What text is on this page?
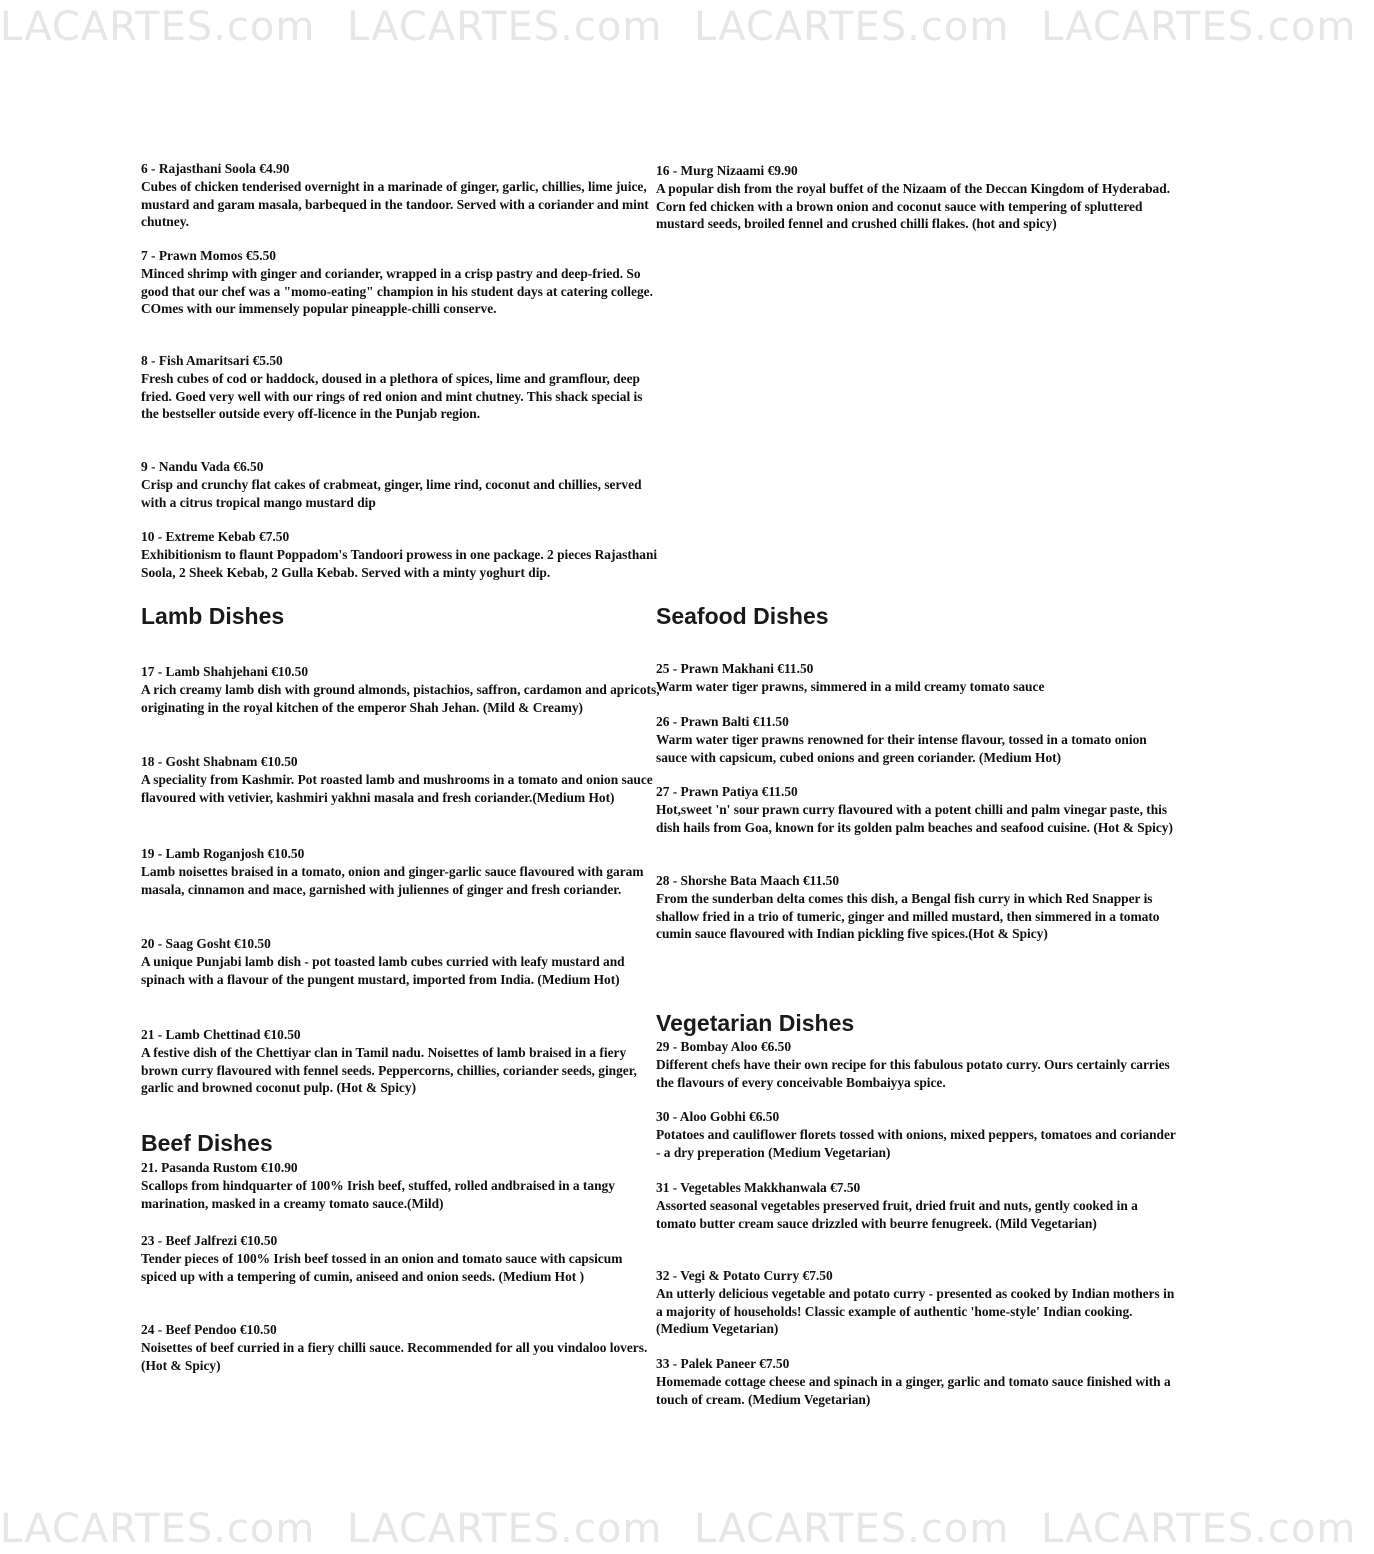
LACARTES.com LACARTES.com LACARTES.com LACARTES.com
6 - Rajasthani Soola €4.90
Cubes of chicken tenderised overnight in a marinade of ginger, garlic, chillies, lime juice, mustard and garam masala, barbequed in the tandoor. Served with a coriander and mint chutney.
7 - Prawn Momos €5.50
Minced shrimp with ginger and coriander, wrapped in a crisp pastry and deep-fried. So good that our chef was a "momo-eating" champion in his student days at catering college. COmes with our immensely popular pineapple-chilli conserve.
8 - Fish Amaritsari €5.50
Fresh cubes of cod or haddock, doused in a plethora of spices, lime and gramflour, deep fried. Goed very well with our rings of red onion and mint chutney. This shack special is the bestseller outside every off-licence in the Punjab region.
9 - Nandu Vada €6.50
Crisp and crunchy flat cakes of crabmeat, ginger, lime rind, coconut and chillies, served with a citrus tropical mango mustard dip
10 - Extreme Kebab €7.50
Exhibitionism to flaunt Poppadom's Tandoori prowess in one package. 2 pieces Rajasthani Soola, 2 Sheek Kebab, 2 Gulla Kebab. Served with a minty yoghurt dip.
Lamb Dishes
17 - Lamb Shahjehani €10.50
A rich creamy lamb dish with ground almonds, pistachios, saffron, cardamon and apricots, originating in the royal kitchen of the emperor Shah Jehan. (Mild & Creamy)
18 - Gosht Shabnam €10.50
A speciality from Kashmir. Pot roasted lamb and mushrooms in a tomato and onion sauce flavoured with vetivier, kashmiri yakhni masala and fresh coriander.(Medium Hot)
19 - Lamb Roganjosh €10.50
Lamb noisettes braised in a tomato, onion and ginger-garlic sauce flavoured with garam masala, cinnamon and mace, garnished with juliennes of ginger and fresh coriander.
20 - Saag Gosht €10.50
A unique Punjabi lamb dish - pot toasted lamb cubes curried with leafy mustard and spinach with a flavour of the pungent mustard, imported from India. (Medium Hot)
21 - Lamb Chettinad €10.50
A festive dish of the Chettiyar clan in Tamil nadu. Noisettes of lamb braised in a fiery brown curry flavoured with fennel seeds. Peppercorns, chillies, coriander seeds, ginger, garlic and browned coconut pulp. (Hot & Spicy)
Beef Dishes
21. Pasanda Rustom €10.90
Scallops from hindquarter of 100% Irish beef, stuffed, rolled andbraised in a tangy marination, masked in a creamy tomato sauce.(Mild)
23 - Beef Jalfrezi €10.50
Tender pieces of 100% Irish beef tossed in an onion and tomato sauce with capsicum spiced up with a tempering of cumin, aniseed and onion seeds. (Medium Hot )
24 - Beef Pendoo €10.50
Noisettes of beef curried in a fiery chilli sauce. Recommended for all you vindaloo lovers. (Hot & Spicy)
16 - Murg Nizaami €9.90
A popular dish from the royal buffet of the Nizaam of the Deccan Kingdom of Hyderabad. Corn fed chicken with a brown onion and coconut sauce with tempering of spluttered mustard seeds, broiled fennel and crushed chilli flakes. (hot and spicy)
Seafood Dishes
25 - Prawn Makhani €11.50
Warm water tiger prawns, simmered in a mild creamy tomato sauce
26 - Prawn Balti €11.50
Warm water tiger prawns renowned for their intense flavour, tossed in a tomato onion sauce with capsicum, cubed onions and green coriander. (Medium Hot)
27 - Prawn Patiya €11.50
Hot,sweet 'n' sour prawn curry flavoured with a potent chilli and palm vinegar paste, this dish hails from Goa, known for its golden palm beaches and seafood cuisine. (Hot & Spicy)
28 - Shorshe Bata Maach €11.50
From the sunderban delta comes this dish, a Bengal fish curry in which Red Snapper is shallow fried in a trio of tumeric, ginger and milled mustard, then simmered in a tomato cumin sauce flavoured with Indian pickling five spices.(Hot & Spicy)
Vegetarian Dishes
29 - Bombay Aloo €6.50
Different chefs have their own recipe for this fabulous potato curry. Ours certainly carries the flavours of every conceivable Bombaiyya spice.
30 - Aloo Gobhi €6.50
Potatoes and cauliflower florets tossed with onions, mixed peppers, tomatoes and coriander - a dry preperation (Medium Vegetarian)
31 - Vegetables Makkhanwala €7.50
Assorted seasonal vegetables preserved fruit, dried fruit and nuts, gently cooked in a tomato butter cream sauce drizzled with beurre fenugreek. (Mild Vegetarian)
32 - Vegi & Potato Curry €7.50
An utterly delicious vegetable and potato curry - presented as cooked by Indian mothers in a majority of households! Classic example of authentic 'home-style' Indian cooking. (Medium Vegetarian)
33 - Palek Paneer €7.50
Homemade cottage cheese and spinach in a ginger, garlic and tomato sauce finished with a touch of cream. (Medium Vegetarian)
LACARTES.com LACARTES.com LACARTES.com LACARTES.com
